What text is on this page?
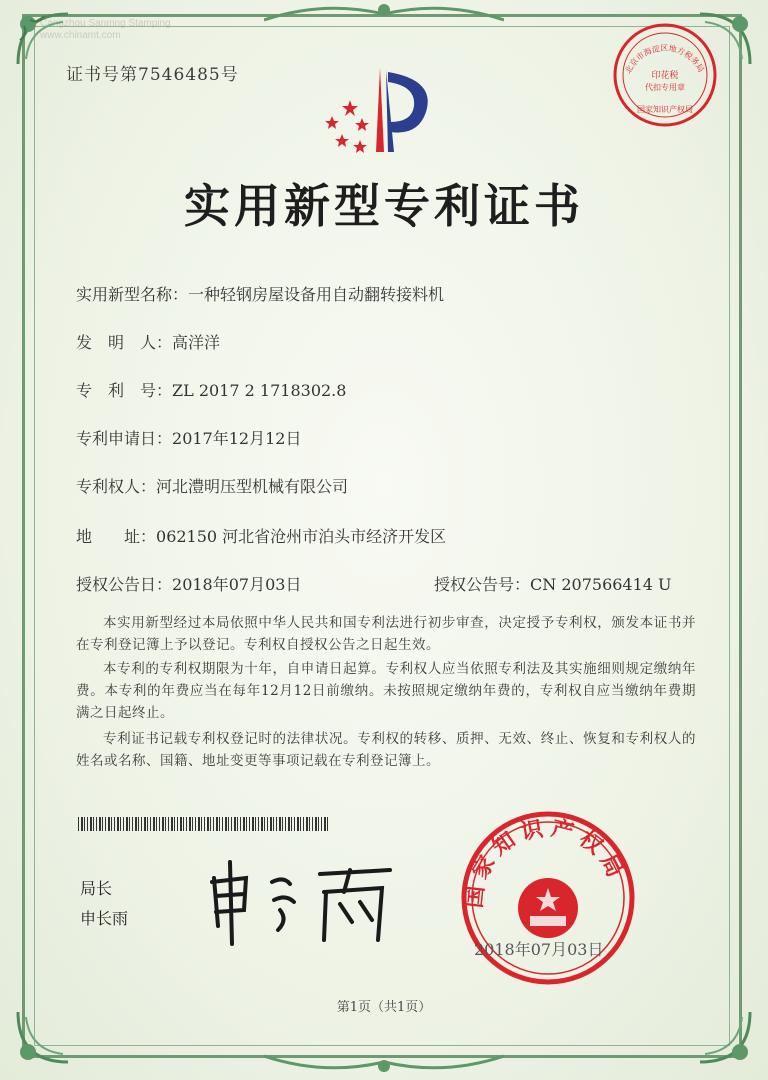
Cangzhou Sanmng Stamping
www.chinamt.com
证书号第7546485号	北京市海淀区地方税务局
印花税
代扣专用章
国家知识产权局
实用新型专利证书
实用新型名称：一种轻钢房屋设备用自动翻转接料机
发　明　人：高洋洋
专　利　号：ZL 2017 2 1718302.8
专利申请日：2017年12月12日
专利权人：河北澧明压型机械有限公司
地　　址：062150 河北省沧州市泊头市经济开发区
授权公告日：2018年07月03日	授权公告号：CN 207566414 U
本实用新型经过本局依照中华人民共和国专利法进行初步审查，决定授予专利权，颁发本证书并在专利登记簿上予以登记。专利权自授权公告之日起生效。
本专利的专利权期限为十年，自申请日起算。专利权人应当依照专利法及其实施细则规定缴纳年费。本专利的年费应当在每年12月12日前缴纳。未按照规定缴纳年费的，专利权自应当缴纳年费期满之日起终止。
专利证书记载专利权登记时的法律状况。专利权的转移、质押、无效、终止、恢复和专利权人的姓名或名称、国籍、地址变更等事项记载在专利登记簿上。
局长
申长雨
国家知识产权局
2018年07月03日
第1页（共1页）
